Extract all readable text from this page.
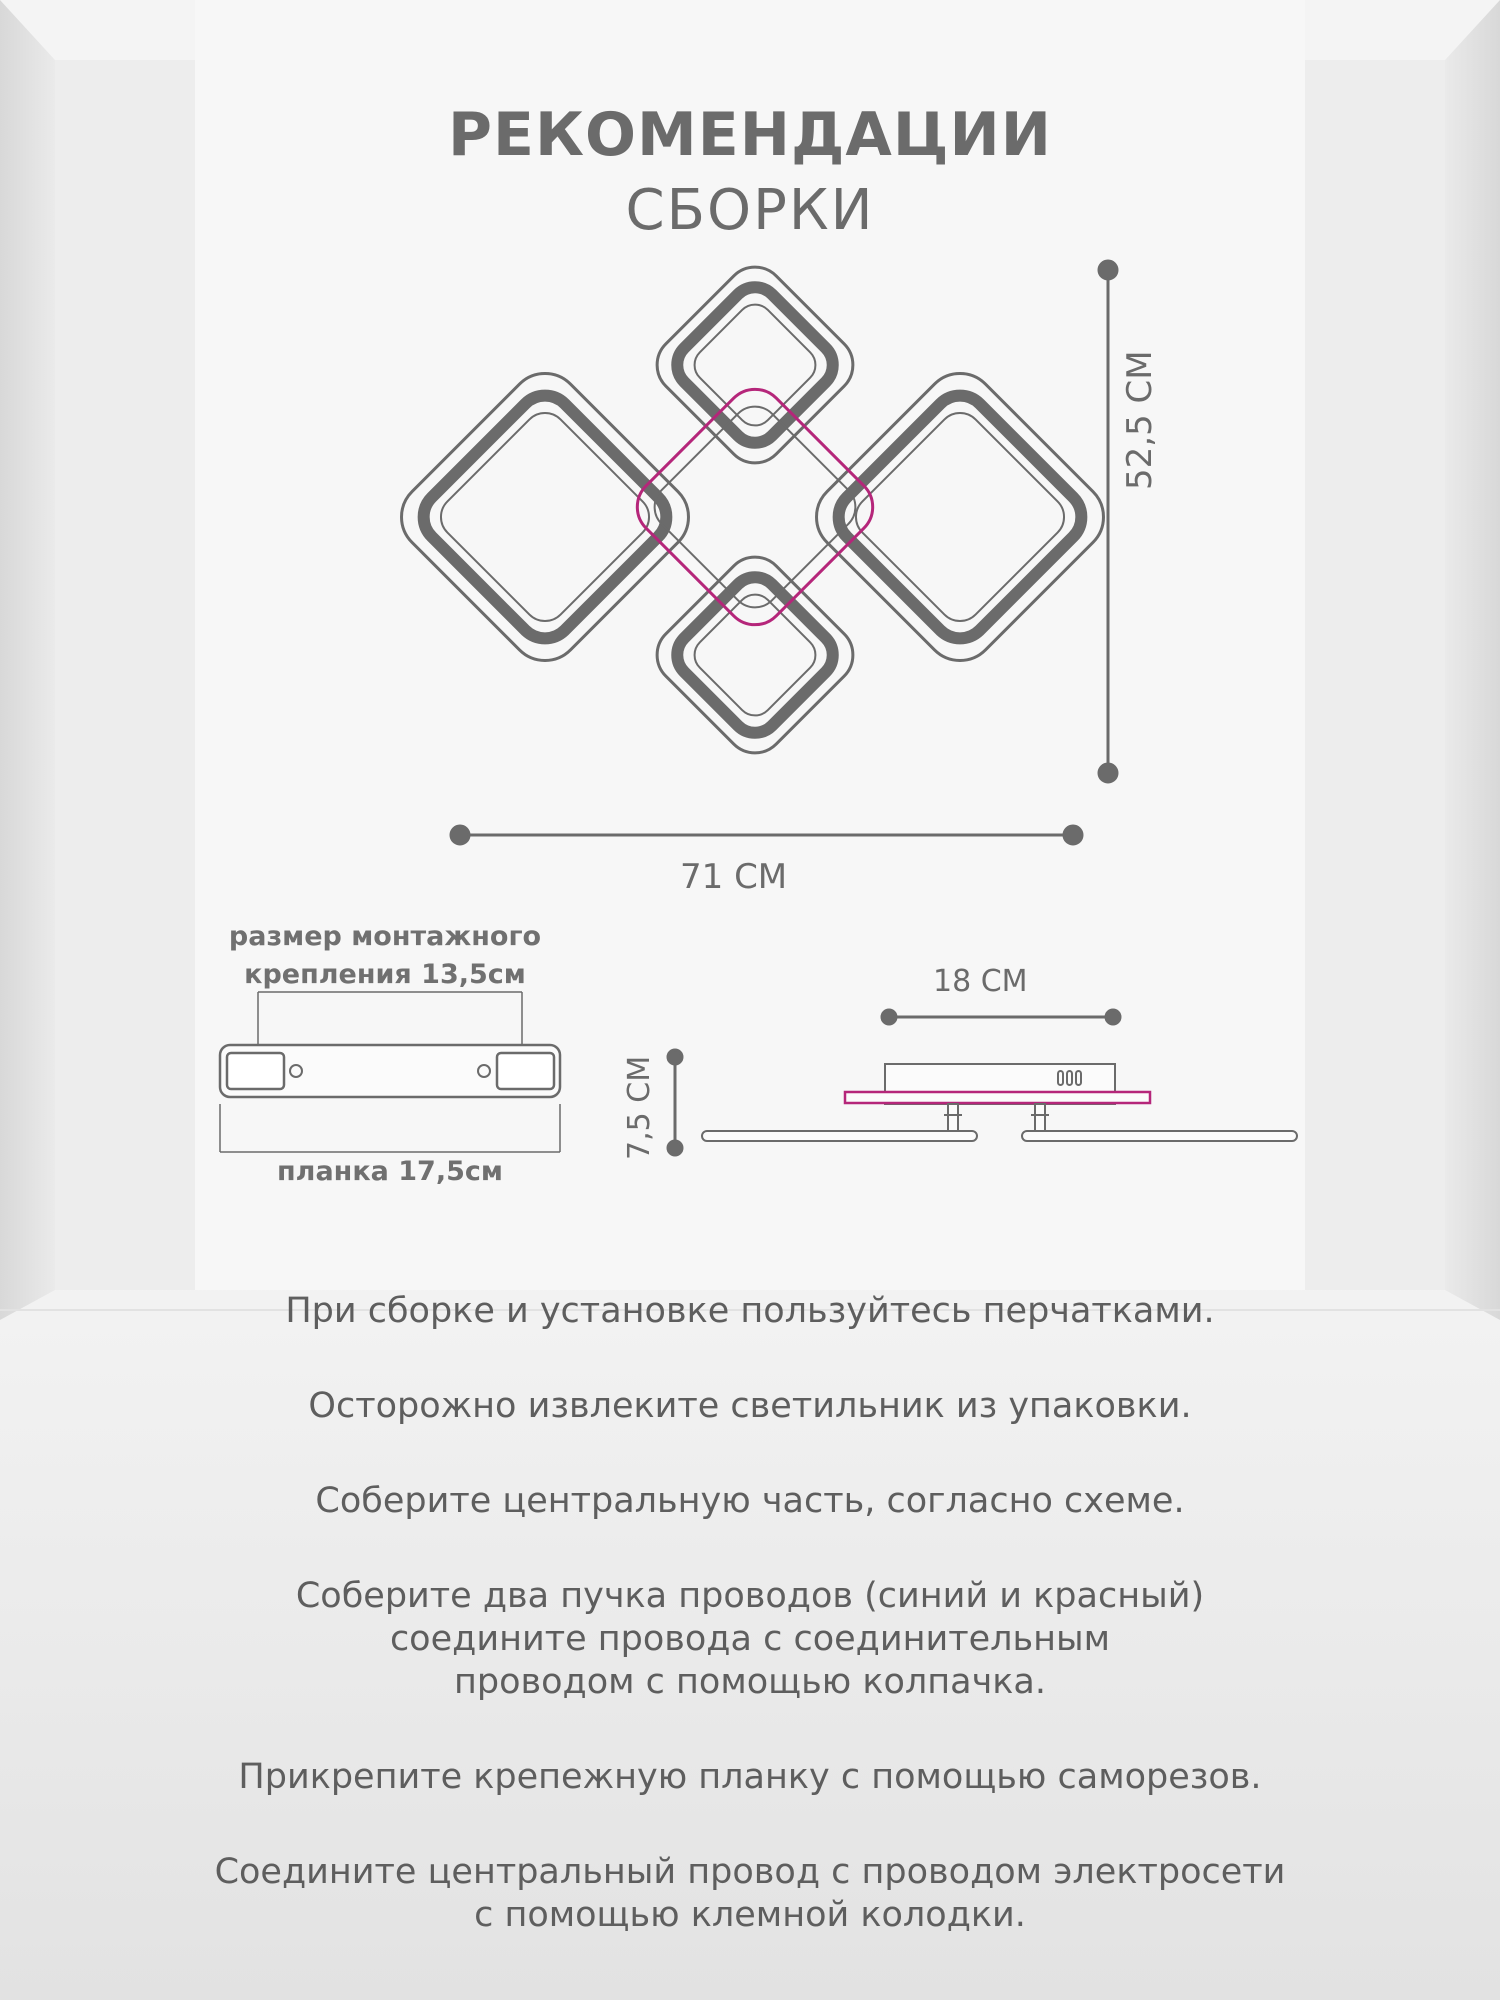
РЕКОМЕНДАЦИИ
СБОРКИ
71 СМ
52,5 СМ
размер монтажного
крепления 13,5см
планка 17,5см
7,5 СМ
18 СМ

При сборке и установке пользуйтесь перчатками.

Осторожно извлеките светильник из упаковки.

Соберите центральную часть, согласно схеме.

Соберите два пучка проводов (синий и красный)
соедините провода с соединительным
проводом с помощью колпачка.

Прикрепите крепежную планку с помощью саморезов.

Соедините центральный провод с проводом электросети
с помощью клемной колодки.
